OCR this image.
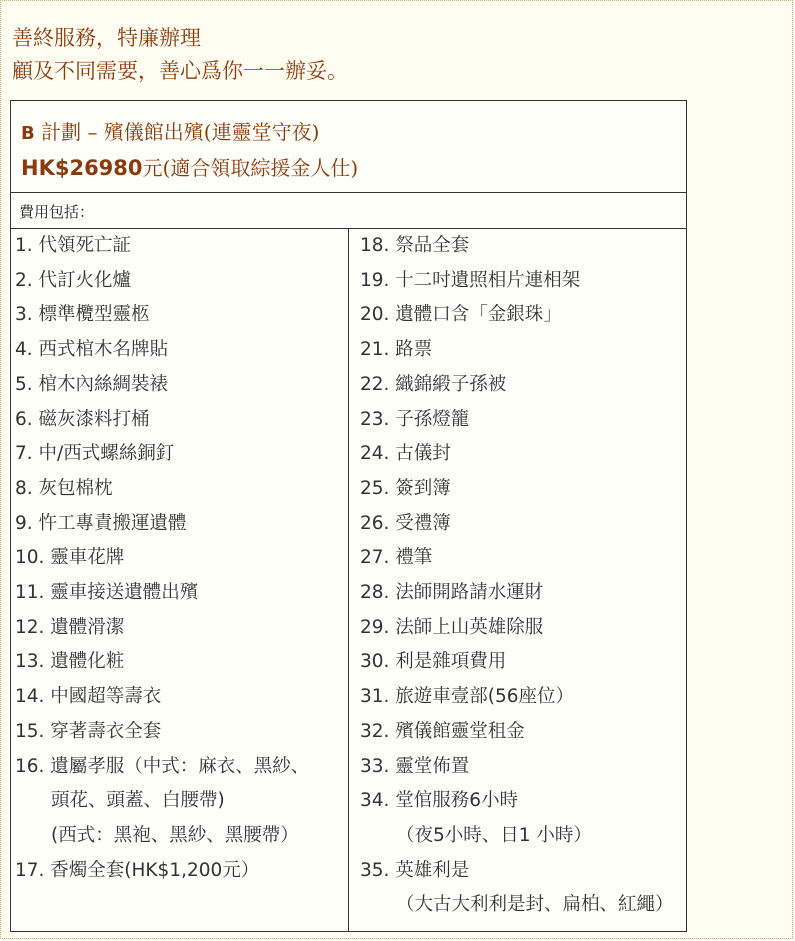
善終服務，特廉辦理
顧及不同需要，善心爲你一一辦妥。
B 計劃 – 殯儀館出殯(連靈堂守夜)
HK$26980元(適合領取綜援金人仕)
費用包括：
1. 代領死亡証
2. 代訂火化爐
3. 標準欖型靈柩
4. 西式棺木名牌貼
5. 棺木內絲綢裝裱
6. 磁灰漆料打桶
7. 中/西式螺絲銅釘
8. 灰包棉枕
9. 忤工專責搬運遺體
10. 靈車花牌
11. 靈車接送遺體出殯
12. 遺體滑潔
13. 遺體化粧
14. 中國超等壽衣
15. 穿著壽衣全套
16. 遺屬孝服（中式：麻衣、黑紗、
頭花、頭蓋、白腰帶)
(西式：黑袍、黑紗、黑腰帶）
17. 香燭全套(HK$1,200元）
18. 祭品全套
19. 十二吋遺照相片連相架
20. 遺體口含「金銀珠」
21. 路票
22. 織錦緞子孫被
23. 子孫燈籠
24. 古儀封
25. 簽到簿
26. 受禮簿
27. 禮筆
28. 法師開路請水運財
29. 法師上山英雄除服
30. 利是雜項費用
31. 旅遊車壹部(56座位）
32. 殯儀館靈堂租金
33. 靈堂佈置
34. 堂倌服務6小時
（夜5小時、日1 小時）
35. 英雄利是
（大古大利利是封、扁柏、紅繩）
